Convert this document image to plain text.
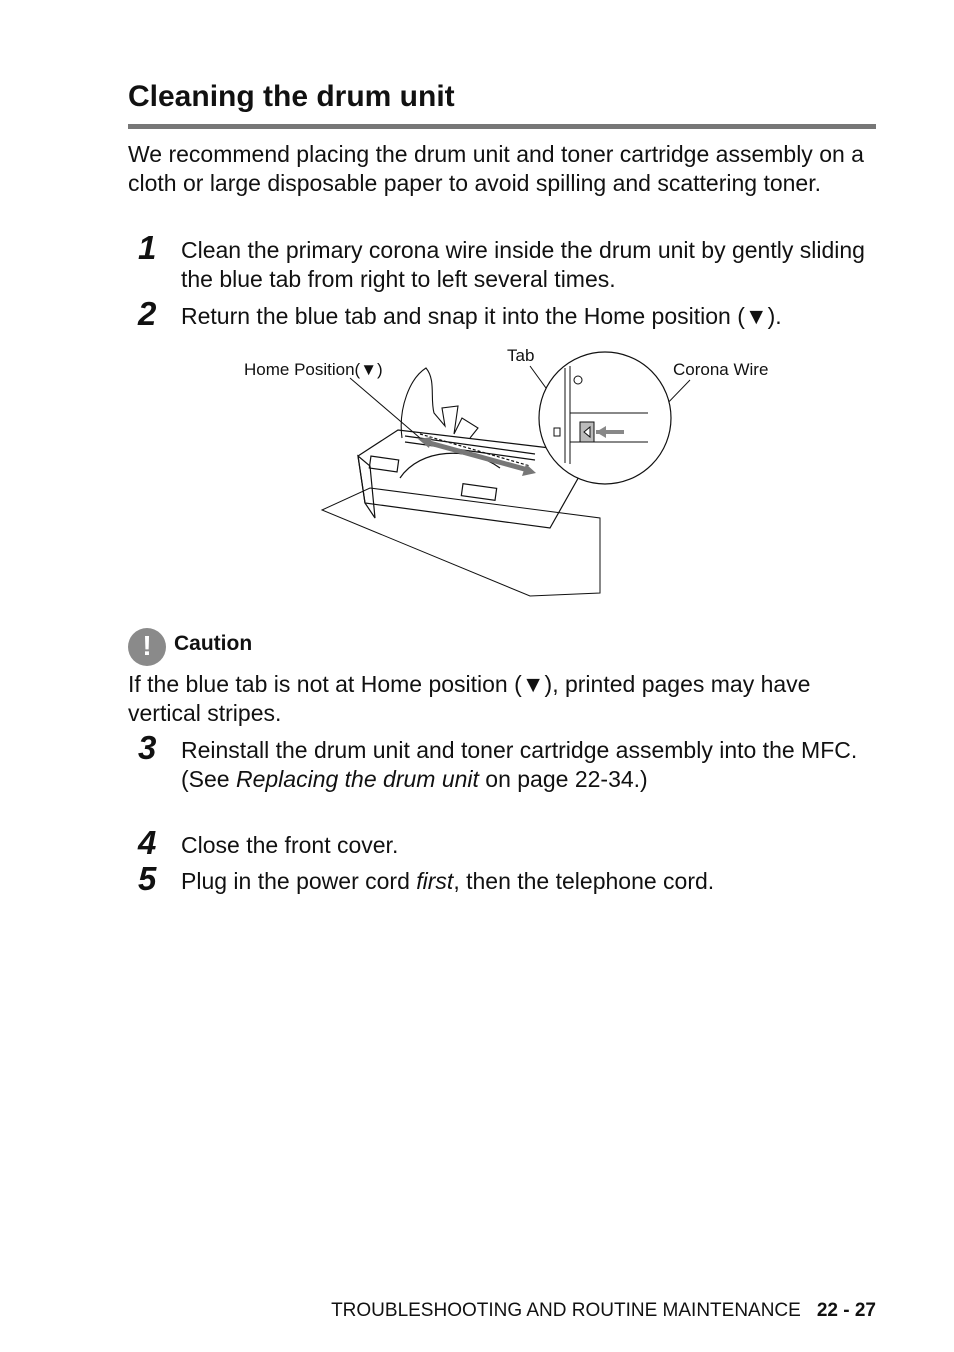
Cleaning the drum unit

We recommend placing the drum unit and toner cartridge assembly on a cloth or large disposable paper to avoid spilling and scattering toner.

1 Clean the primary corona wire inside the drum unit by gently sliding the blue tab from right to left several times.
2 Return the blue tab and snap it into the Home position (▼).
Home Position(▼)
Tab
Corona Wire
!	Caution

If the blue tab is not at Home position (▼), printed pages may have vertical stripes.

3 Reinstall the drum unit and toner cartridge assembly into the MFC.
(See Replacing the drum unit on page 22-34.)
4 Close the front cover.
5 Plug in the power cord first, then the telephone cord.
TROUBLESHOOTING AND ROUTINE MAINTENANCE 22 - 27
